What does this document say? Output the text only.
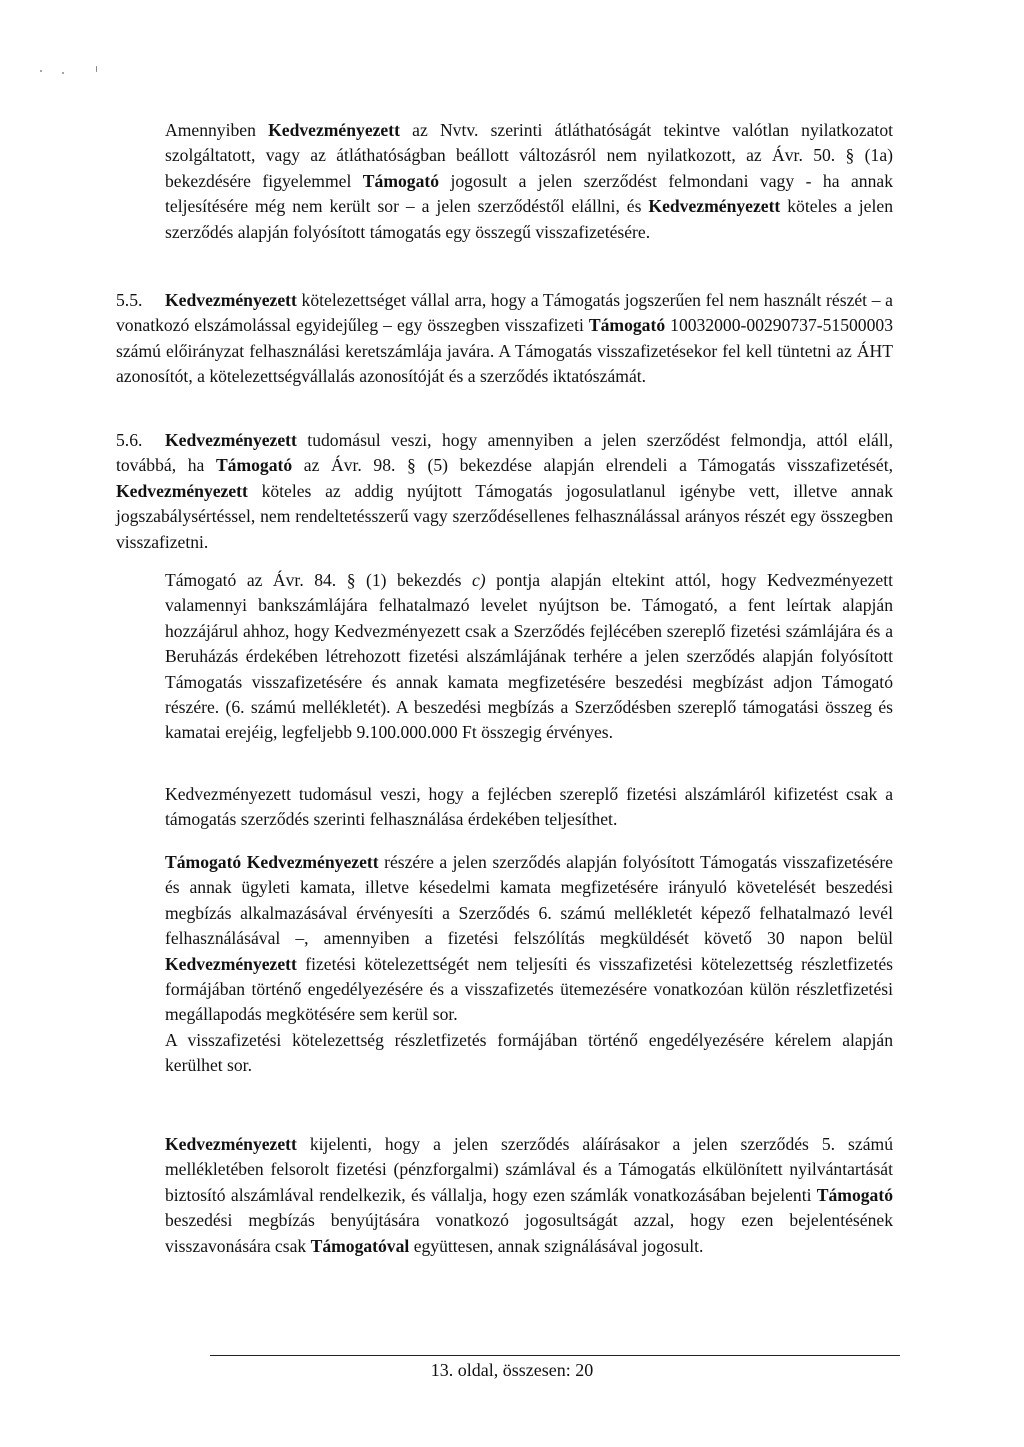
Amennyiben Kedvezményezett az Nvtv. szerinti átláthatóságát tekintve valótlan nyilatkozatot szolgáltatott, vagy az átláthatóságban beállott változásról nem nyilatkozott, az Ávr. 50. § (1a) bekezdésére figyelemmel Támogató jogosult a jelen szerződést felmondani vagy - ha annak teljesítésére még nem került sor – a jelen szerződéstől elállni, és Kedvezményezett köteles a jelen szerződés alapján folyósított támogatás egy összegű visszafizetésére.
5.5. Kedvezményezett kötelezettséget vállal arra, hogy a Támogatás jogszerűen fel nem használt részét – a vonatkozó elszámolással egyidejűleg – egy összegben visszafizeti Támogató 10032000-00290737-51500003 számú előirányzat felhasználási keretszámlája javára. A Támogatás visszafizetésekor fel kell tüntetni az ÁHT azonosítót, a kötelezettségvállalás azonosítóját és a szerződés iktatószámát.
5.6. Kedvezményezett tudomásul veszi, hogy amennyiben a jelen szerződést felmondja, attól eláll, továbbá, ha Támogató az Ávr. 98. § (5) bekezdése alapján elrendeli a Támogatás visszafizetését, Kedvezményezett köteles az addig nyújtott Támogatás jogosulatlanul igénybe vett, illetve annak jogszabálysértéssel, nem rendeltetésszerű vagy szerződésellenes felhasználással arányos részét egy összegben visszafizetni.
Támogató az Ávr. 84. § (1) bekezdés c) pontja alapján eltekint attól, hogy Kedvezményezett valamennyi bankszámlájára felhatalmazó levelet nyújtson be. Támogató, a fent leírtak alapján hozzájárul ahhoz, hogy Kedvezményezett csak a Szerződés fejlécében szereplő fizetési számlájára és a Beruházás érdekében létrehozott fizetési alszámlájának terhére a jelen szerződés alapján folyósított Támogatás visszafizetésére és annak kamata megfizetésére beszedési megbízást adjon Támogató részére. (6. számú mellékletét). A beszedési megbízás a Szerződésben szereplő támogatási összeg és kamatai erejéig, legfeljebb 9.100.000.000 Ft összegig érvényes.
Kedvezményezett tudomásul veszi, hogy a fejlécben szereplő fizetési alszámláról kifizetést csak a támogatás szerződés szerinti felhasználása érdekében teljesíthet.
Támogató Kedvezményezett részére a jelen szerződés alapján folyósított Támogatás visszafizetésére és annak ügyleti kamata, illetve késedelmi kamata megfizetésére irányuló követelését beszedési megbízás alkalmazásával érvényesíti a Szerződés 6. számú mellékletét képező felhatalmazó levél felhasználásával –, amennyiben a fizetési felszólítás megküldését követő 30 napon belül Kedvezményezett fizetési kötelezettségét nem teljesíti és visszafizetési kötelezettség részletfizetés formájában történő engedélyezésére és a visszafizetés ütemezésére vonatkozóan külön részletfizetési megállapodás megkötésére sem kerül sor.
A visszafizetési kötelezettség részletfizetés formájában történő engedélyezésére kérelem alapján kerülhet sor.
Kedvezményezett kijelenti, hogy a jelen szerződés aláírásakor a jelen szerződés 5. számú mellékletében felsorolt fizetési (pénzforgalmi) számlával és a Támogatás elkülönített nyilvántartását biztosító alszámlával rendelkezik, és vállalja, hogy ezen számlák vonatkozásában bejelenti Támogató beszedési megbízás benyújtására vonatkozó jogosultságát azzal, hogy ezen bejelentésének visszavonására csak Támogatóval együttesen, annak szignálásával jogosult.
13. oldal, összesen: 20
